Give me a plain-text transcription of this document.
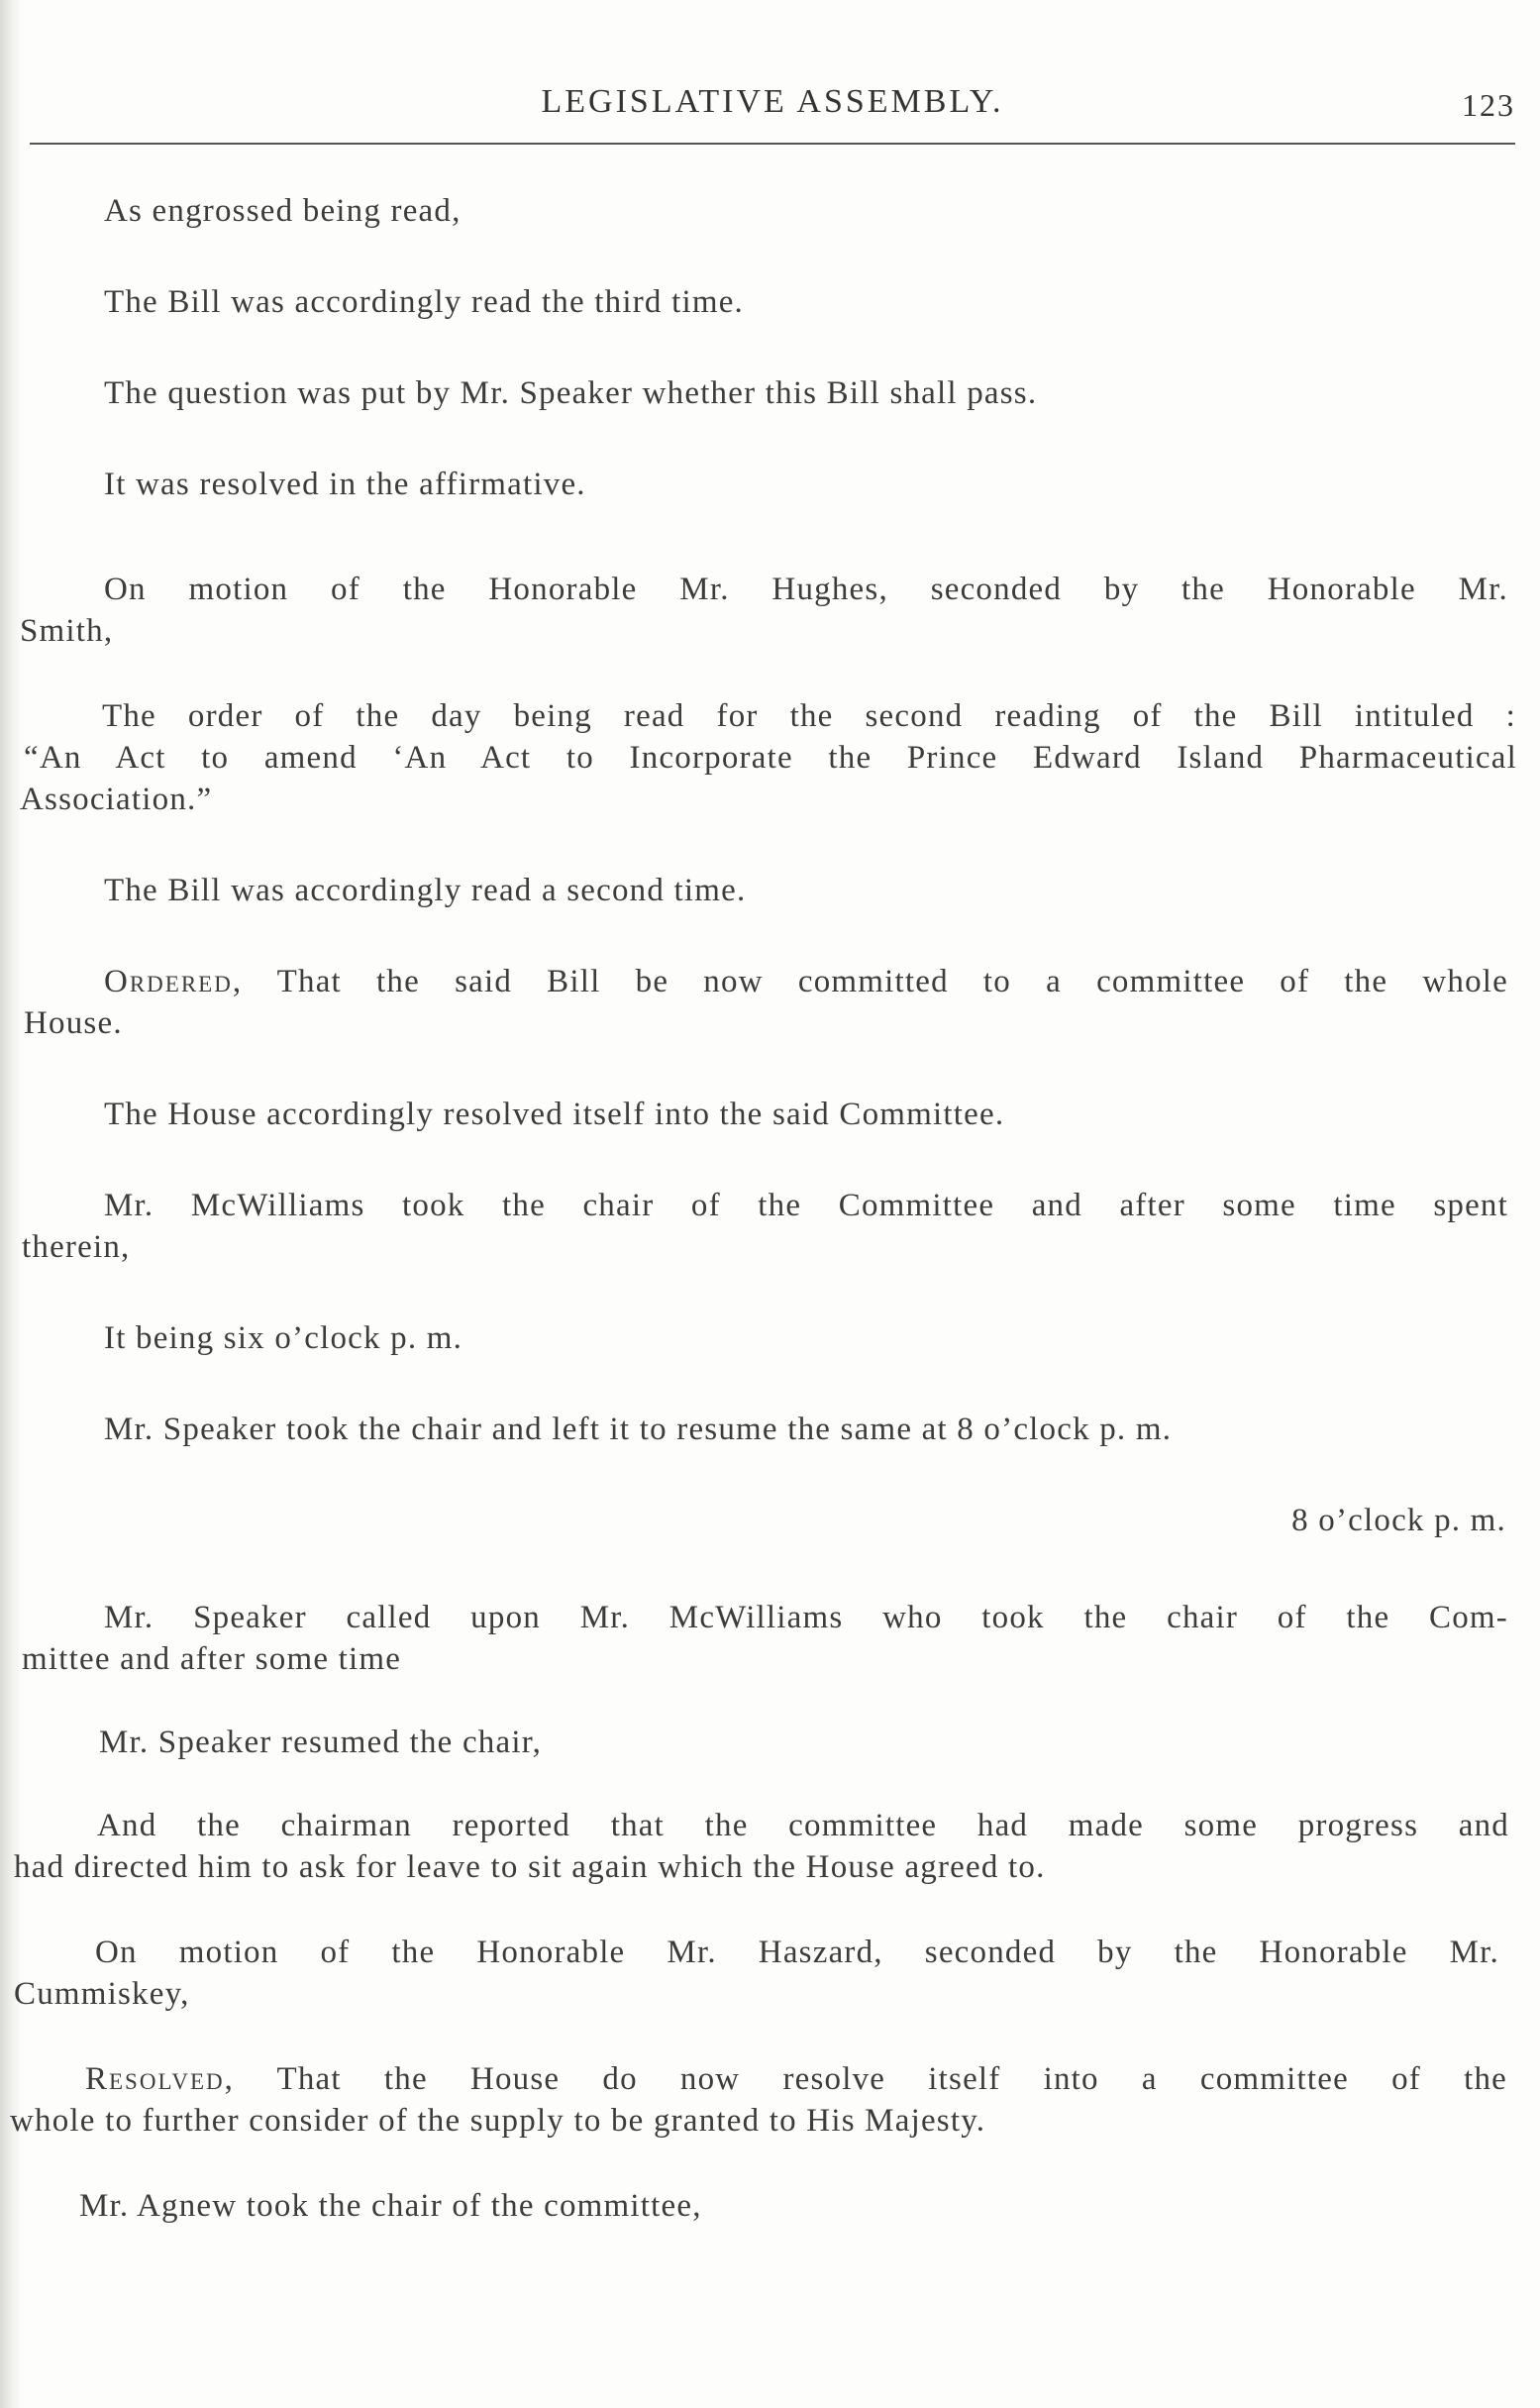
LEGISLATIVE ASSEMBLY.	123
As engrossed being read,
The Bill was accordingly read the third time.
The question was put by Mr. Speaker whether this Bill shall pass.
It was resolved in the affirmative.
On motion of the Honorable Mr. Hughes, seconded by the Honorable Mr.
Smith,
The order of the day being read for the second reading of the Bill intituled :
“An Act to amend ‘An Act to Incorporate the Prince Edward Island Pharmaceutical
Association.”
The Bill was accordingly read a second time.
Ordered, That the said Bill be now committed to a committee of the whole
House.
The House accordingly resolved itself into the said Committee.
Mr. McWilliams took the chair of the Committee and after some time spent
therein,
It being six o’clock p. m.
Mr. Speaker took the chair and left it to resume the same at 8 o’clock p. m.
8 o’clock p. m.
Mr. Speaker called upon Mr. McWilliams who took the chair of the Com-
mittee and after some time
Mr. Speaker resumed the chair,
And the chairman reported that the committee had made some progress and
had directed him to ask for leave to sit again which the House agreed to.
On motion of the Honorable Mr. Haszard, seconded by the Honorable Mr.
Cummiskey,
Resolved, That the House do now resolve itself into a committee of the
whole to further consider of the supply to be granted to His Majesty.
Mr. Agnew took the chair of the committee,
